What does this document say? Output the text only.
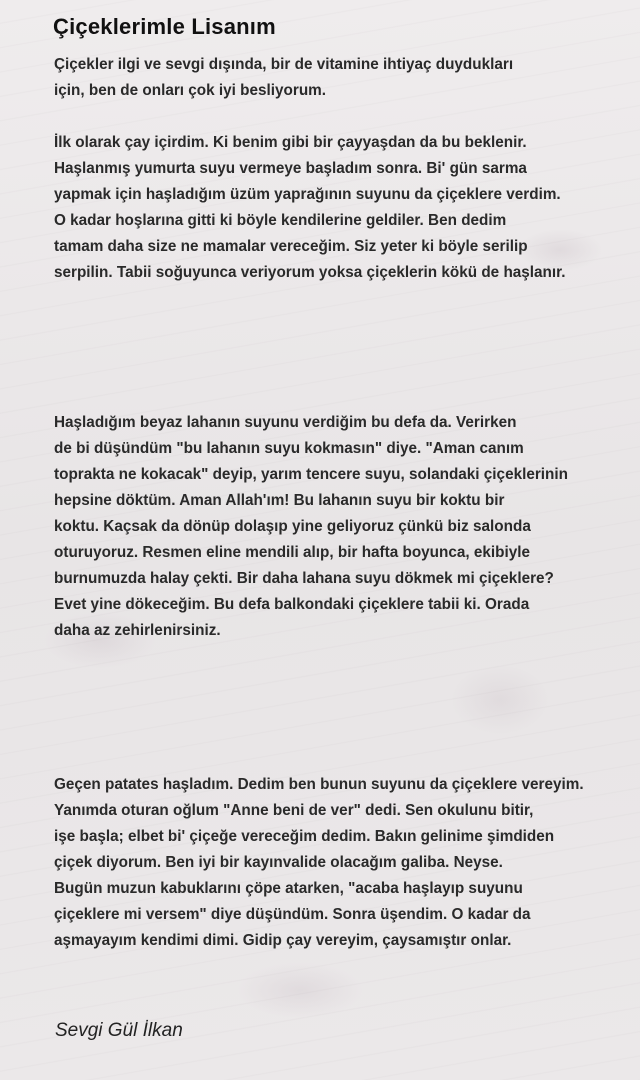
Çiçeklerimle Lisanım
Çiçekler ilgi ve sevgi dışında, bir de vitamine ihtiyaç duydukları
için, ben de onları çok iyi besliyorum.
İlk olarak çay içirdim. Ki benim gibi bir çayyaşdan da bu beklenir.
Haşlanmış yumurta suyu vermeye başladım sonra. Bi' gün sarma
yapmak için haşladığım üzüm yaprağının suyunu da çiçeklere verdim.
O kadar hoşlarına gitti ki böyle kendilerine geldiler. Ben dedim
tamam daha size ne mamalar vereceğim. Siz yeter ki böyle serilip
serpilin. Tabii soğuyunca veriyorum yoksa çiçeklerin kökü de haşlanır.
Haşladığım beyaz lahanın suyunu verdiğim bu defa da. Verirken
de bi düşündüm "bu lahanın suyu kokmasın" diye. "Aman canım
toprakta ne kokacak" deyip, yarım tencere suyu, solandaki çiçeklerinin
hepsine döktüm. Aman Allah'ım! Bu lahanın suyu bir koktu bir
koktu. Kaçsak da dönüp dolaşıp yine geliyoruz çünkü biz salonda
oturuyoruz. Resmen eline mendili alıp, bir hafta boyunca, ekibiyle
burnumuzda halay çekti. Bir daha lahana suyu dökmek mi çiçeklere?
Evet yine dökeceğim. Bu defa balkondaki çiçeklere tabii ki. Orada
daha az zehirlenirsiniz.
Geçen patates haşladım. Dedim ben bunun suyunu da çiçeklere vereyim.
Yanımda oturan oğlum "Anne beni de ver" dedi. Sen okulunu bitir,
işe başla; elbet bi' çiçeğe vereceğim dedim. Bakın gelinime şimdiden
çiçek diyorum. Ben iyi bir kayınvalide olacağım galiba. Neyse.
Bugün muzun kabuklarını çöpe atarken, "acaba haşlayıp suyunu
çiçeklere mi versem" diye düşündüm. Sonra üşendim. O kadar da
aşmayayım kendimi dimi. Gidip çay vereyim, çaysamıştır onlar.
Sevgi Gül İlkan
